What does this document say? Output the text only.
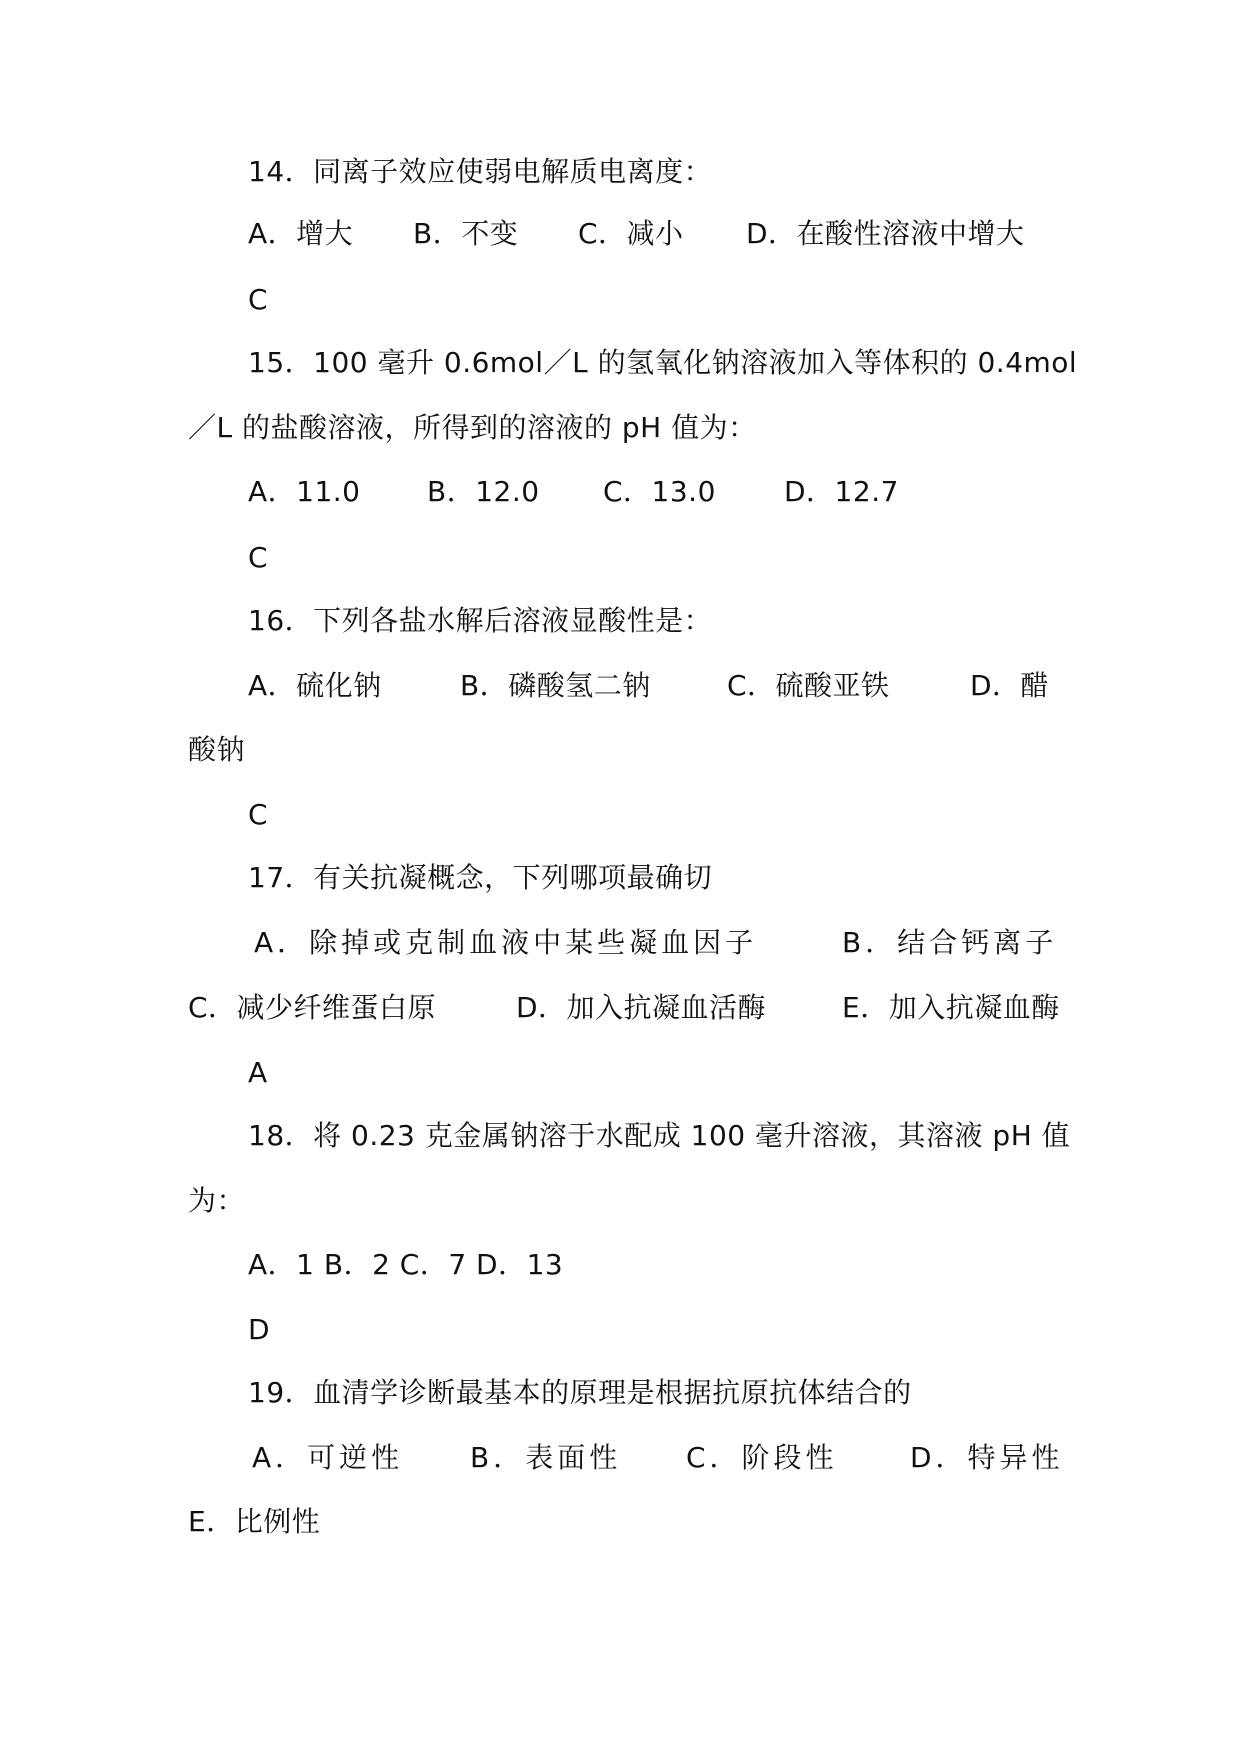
14．同离子效应使弱电解质电离度：
A．增大 B．不变 C．减小 D．在酸性溶液中增大
C
15．100 毫升 0.6mol／L 的氢氧化钠溶液加入等体积的 0.4mol
／L 的盐酸溶液，所得到的溶液的 pH 值为：
A．11.0 B．12.0 C．13.0 D．12.7
C
16．下列各盐水解后溶液显酸性是：
A．硫化钠	B．磷酸氢二钠	C．硫酸亚铁	D．醋
酸钠
C
17．有关抗凝概念，下列哪项最确切
A．除掉或克制血液中某些凝血因子	B．结合钙离子
C．减少纤维蛋白原	D．加入抗凝血活酶	E．加入抗凝血酶
A
18．将 0.23 克金属钠溶于水配成 100 毫升溶液，其溶液 pH 值
为：
A．1 B．2 C．7 D．13
D
19．血清学诊断最基本的原理是根据抗原抗体结合的
A．可逆性 B．表面性 C．阶段性	D．特异性
E．比例性
